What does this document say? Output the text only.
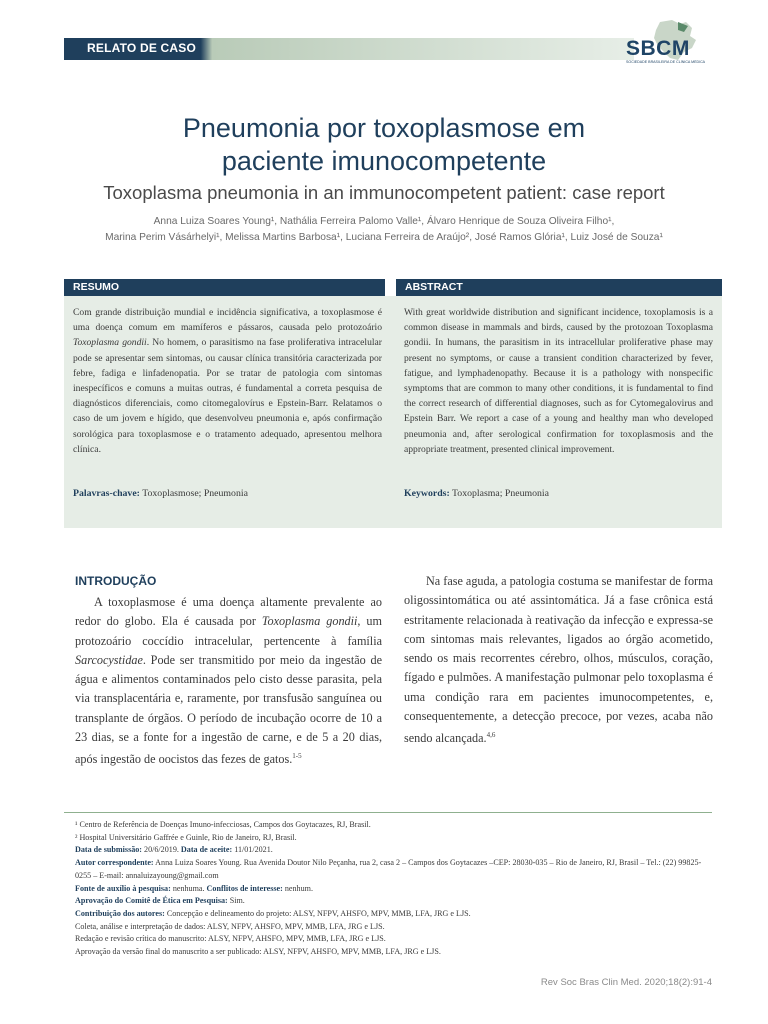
RELATO DE CASO	SBCM
SOCIEDADE BRASILEIRA DE CLÍNICA MÉDICA
Pneumonia por toxoplasmose em
paciente imunocompetente
Toxoplasma pneumonia in an immunocompetent patient: case report
Anna Luiza Soares Young¹, Nathália Ferreira Palomo Valle¹, Álvaro Henrique de Souza Oliveira Filho¹,
Marina Perim Vásárhelyi¹, Melissa Martins Barbosa¹, Luciana Ferreira de Araújo², José Ramos Glória¹, Luiz José de Souza¹
RESUMO	ABSTRACT
Com grande distribuição mundial e incidência significativa, a toxoplasmose é uma doença comum em mamíferos e pássaros, causada pelo protozoário Toxoplasma gondii. No homem, o parasitismo na fase proliferativa intracelular pode se apresentar sem sintomas, ou causar clínica transitória caracterizada por febre, fadiga e linfadenopatia. Por se tratar de patologia com sintomas inespecíficos e comuns a muitas outras, é fundamental a correta pesquisa de diagnósticos diferenciais, como citomegalovírus e Epstein-Barr. Relatamos o caso de um jovem e hígido, que desenvolveu pneumonia e, após confirmação sorológica para toxoplasmose e o tratamento adequado, apresentou melhora clínica.
With great worldwide distribution and significant incidence, toxoplamosis is a common disease in mammals and birds, caused by the protozoan Toxoplasma gondii. In humans, the parasitism in its intracellular proliferative phase may present no symptoms, or cause a transient condition characterized by fever, fatigue, and lymphadenopathy. Because it is a pathology with nonspecific symptoms that are common to many other conditions, it is fundamental to find the correct research of differential diagnoses, such as for Cytomegalovirus and Epstein Barr. We report a case of a young and healthy man who developed pneumonia and, after serological confirmation for toxoplasmosis and the appropriate treatment, presented clinical improvement.
Palavras-chave: Toxoplasmose; Pneumonia	Keywords: Toxoplasma; Pneumonia
INTRODUÇÃO
A toxoplasmose é uma doença altamente prevalente ao redor do globo. Ela é causada por Toxoplasma gondii, um protozoário coccídio intracelular, pertencente à família Sarcocystidae. Pode ser transmitido por meio da ingestão de água e alimentos contaminados pelo cisto desse parasita, pela via transplacentária e, raramente, por transfusão sanguínea ou transplante de órgãos. O período de incubação ocorre de 10 a 23 dias, se a fonte for a ingestão de carne, e de 5 a 20 dias, após ingestão de oocistos das fezes de gatos.$^{1-5}$
Na fase aguda, a patologia costuma se manifestar de forma oligossintomática ou até assintomática. Já a fase crônica está estritamente relacionada à reativação da infecção e expressa-se com sintomas mais relevantes, ligados ao órgão acometido, sendo os mais recorrentes cérebro, olhos, músculos, coração, fígado e pulmões. A manifestação pulmonar pelo toxoplasma é uma condição rara em pacientes imunocompetentes, e, consequentemente, a detecção precoce, por vezes, acaba não sendo alcançada.$^{4,6}$
¹ Centro de Referência de Doenças Imuno-infecciosas, Campos dos Goytacazes, RJ, Brasil.
² Hospital Universitário Gaffrée e Guinle, Rio de Janeiro, RJ, Brasil.
Data de submissão: 20/6/2019. Data de aceite: 11/01/2021.
Autor correspondente: Anna Luiza Soares Young. Rua Avenida Doutor Nilo Peçanha, rua 2, casa 2 – Campos dos Goytacazes –CEP: 28030-035 – Rio de Janeiro, RJ, Brasil – Tel.: (22) 99825-0255 – E-mail: annaluizayoung@gmail.com
Fonte de auxílio à pesquisa: nenhuma. Conflitos de interesse: nenhum.
Aprovação do Comitê de Ética em Pesquisa: Sim.
Contribuição dos autores: Concepção e delineamento do projeto: ALSY, NFPV, AHSFO, MPV, MMB, LFA, JRG e LJS.
Coleta, análise e interpretação de dados: ALSY, NFPV, AHSFO, MPV, MMB, LFA, JRG e LJS.
Redação e revisão crítica do manuscrito: ALSY, NFPV, AHSFO, MPV, MMB, LFA, JRG e LJS.
Aprovação da versão final do manuscrito a ser publicado: ALSY, NFPV, AHSFO, MPV, MMB, LFA, JRG e LJS.
Rev Soc Bras Clin Med. 2020;18(2):91-4
